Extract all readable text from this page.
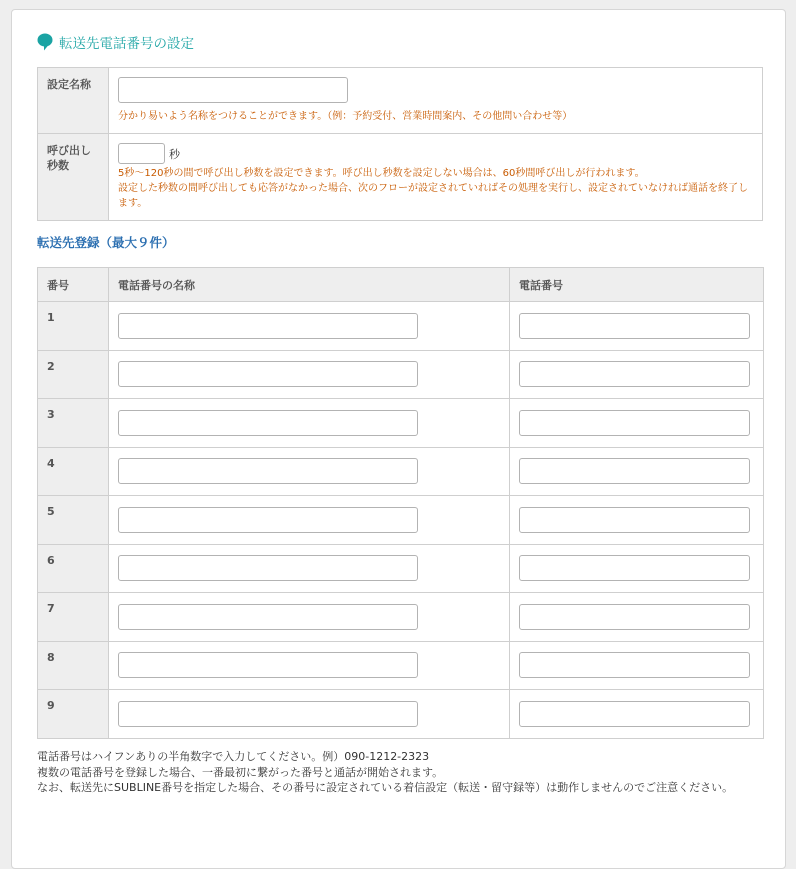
転送先電話番号の設定
設定名称	分かり易いよう名称をつけることができます。（例：予約受付、営業時間案内、その他問い合わせ等）

呼び出し秒数	秒
5秒～120秒の間で呼び出し秒数を設定できます。呼び出し秒数を設定しない場合は、60秒間呼び出しが行われます。
設定した秒数の間呼び出しても応答がなかった場合、次のフローが設定されていればその処理を実行し、設定されていなければ通話を終了します。
転送先登録（最大９件）
番号	電話番号の名称	電話番号
1	

2	

3	

4	

5	

6	

7	

8	

9	

電話番号はハイフンありの半角数字で入力してください。例）090-1212-2323
複数の電話番号を登録した場合、一番最初に繋がった番号と通話が開始されます。
なお、転送先にSUBLINE番号を指定した場合、その番号に設定されている着信設定（転送・留守録等）は動作しませんのでご注意ください。
